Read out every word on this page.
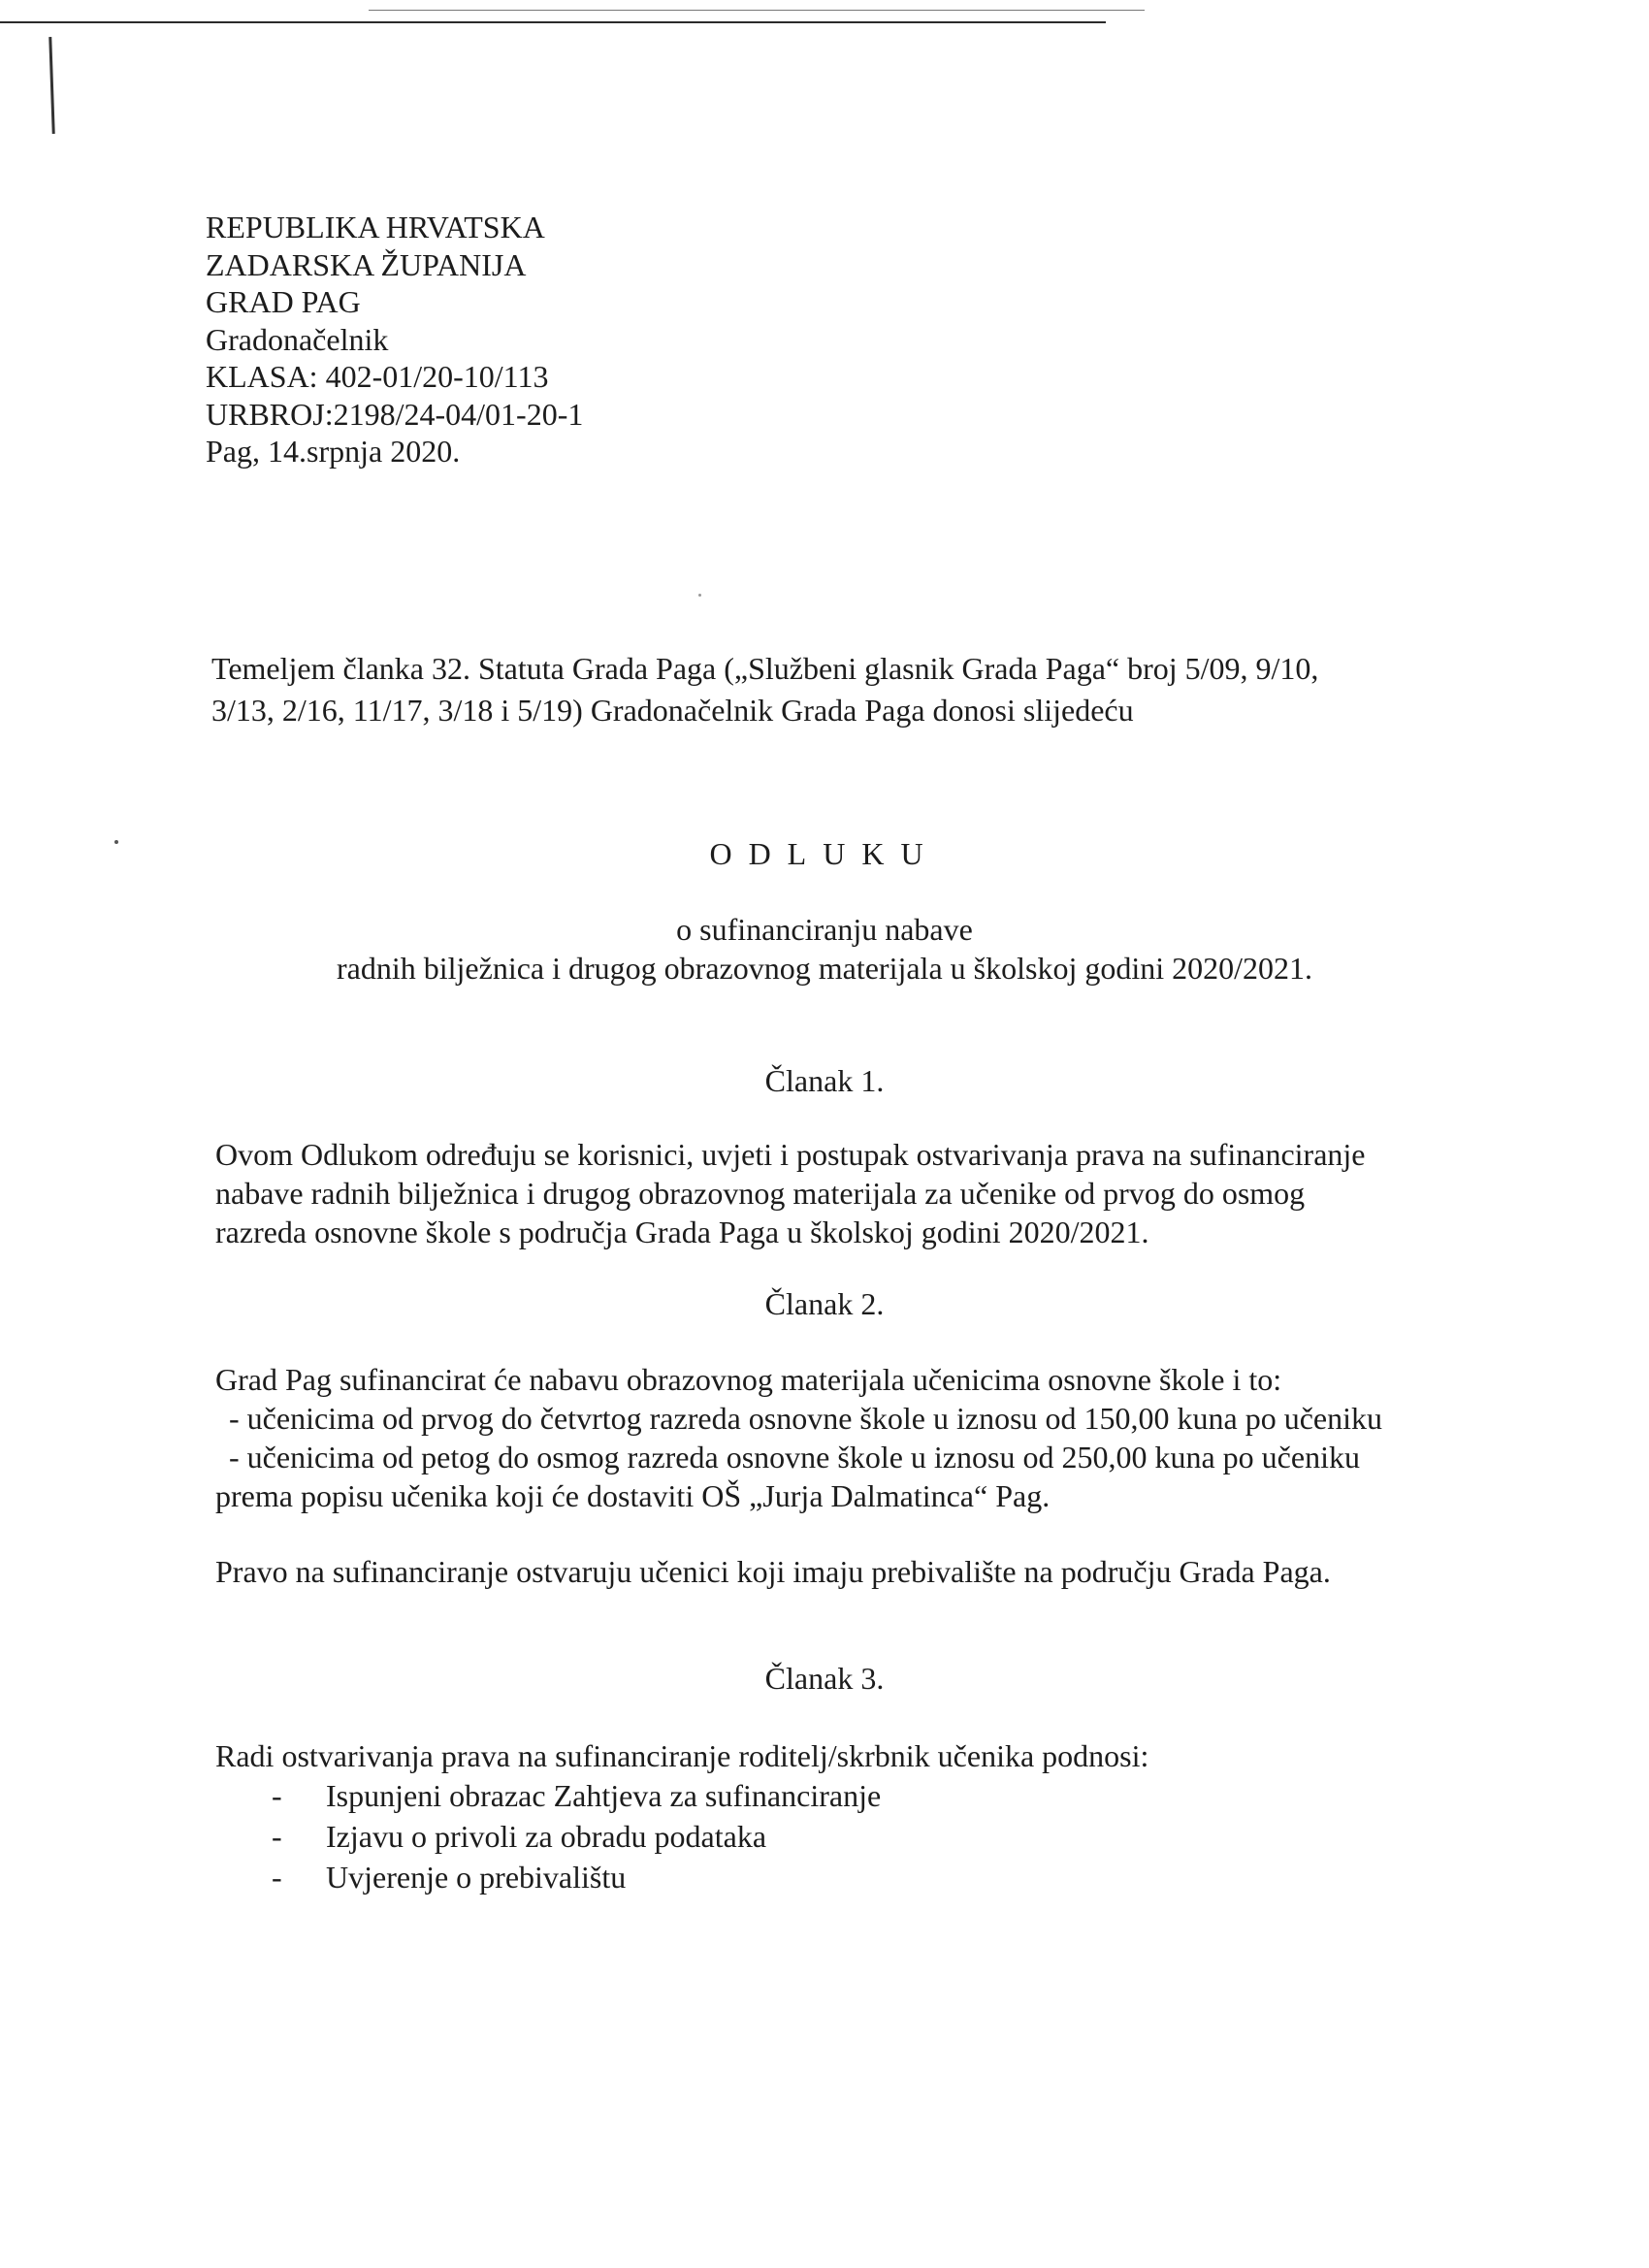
REPUBLIKA HRVATSKA
ZADARSKA ŽUPANIJA
GRAD PAG
Gradonačelnik
KLASA: 402-01/20-10/113
URBROJ:2198/24-04/01-20-1
Pag, 14.srpnja 2020.
Temeljem članka 32. Statuta Grada Paga („Službeni glasnik Grada Paga“ broj 5/09, 9/10,
3/13, 2/16, 11/17, 3/18 i 5/19) Gradonačelnik Grada Paga donosi slijedeću
ODLUKU
o sufinanciranju nabave
radnih bilježnica i drugog obrazovnog materijala u školskoj godini 2020/2021.
Članak 1.
Ovom Odlukom određuju se korisnici, uvjeti i postupak ostvarivanja prava na sufinanciranje
nabave radnih bilježnica i drugog obrazovnog materijala za učenike od prvog do osmog
razreda osnovne škole s područja Grada Paga u školskoj godini 2020/2021.
Članak 2.
Grad Pag sufinancirat će nabavu obrazovnog materijala učenicima osnovne škole i to:
- učenicima od prvog do četvrtog razreda osnovne škole u iznosu od 150,00 kuna po učeniku
- učenicima od petog do osmog razreda osnovne škole u iznosu od 250,00 kuna po učeniku
prema popisu učenika koji će dostaviti OŠ „Jurja Dalmatinca“ Pag.
Pravo na sufinanciranje ostvaruju učenici koji imaju prebivalište na području Grada Paga.
Članak 3.
Radi ostvarivanja prava na sufinanciranje roditelj/skrbnik učenika podnosi:
-	Ispunjeni obrazac Zahtjeva za sufinanciranje
-	Izjavu o privoli za obradu podataka
-	Uvjerenje o prebivalištu
